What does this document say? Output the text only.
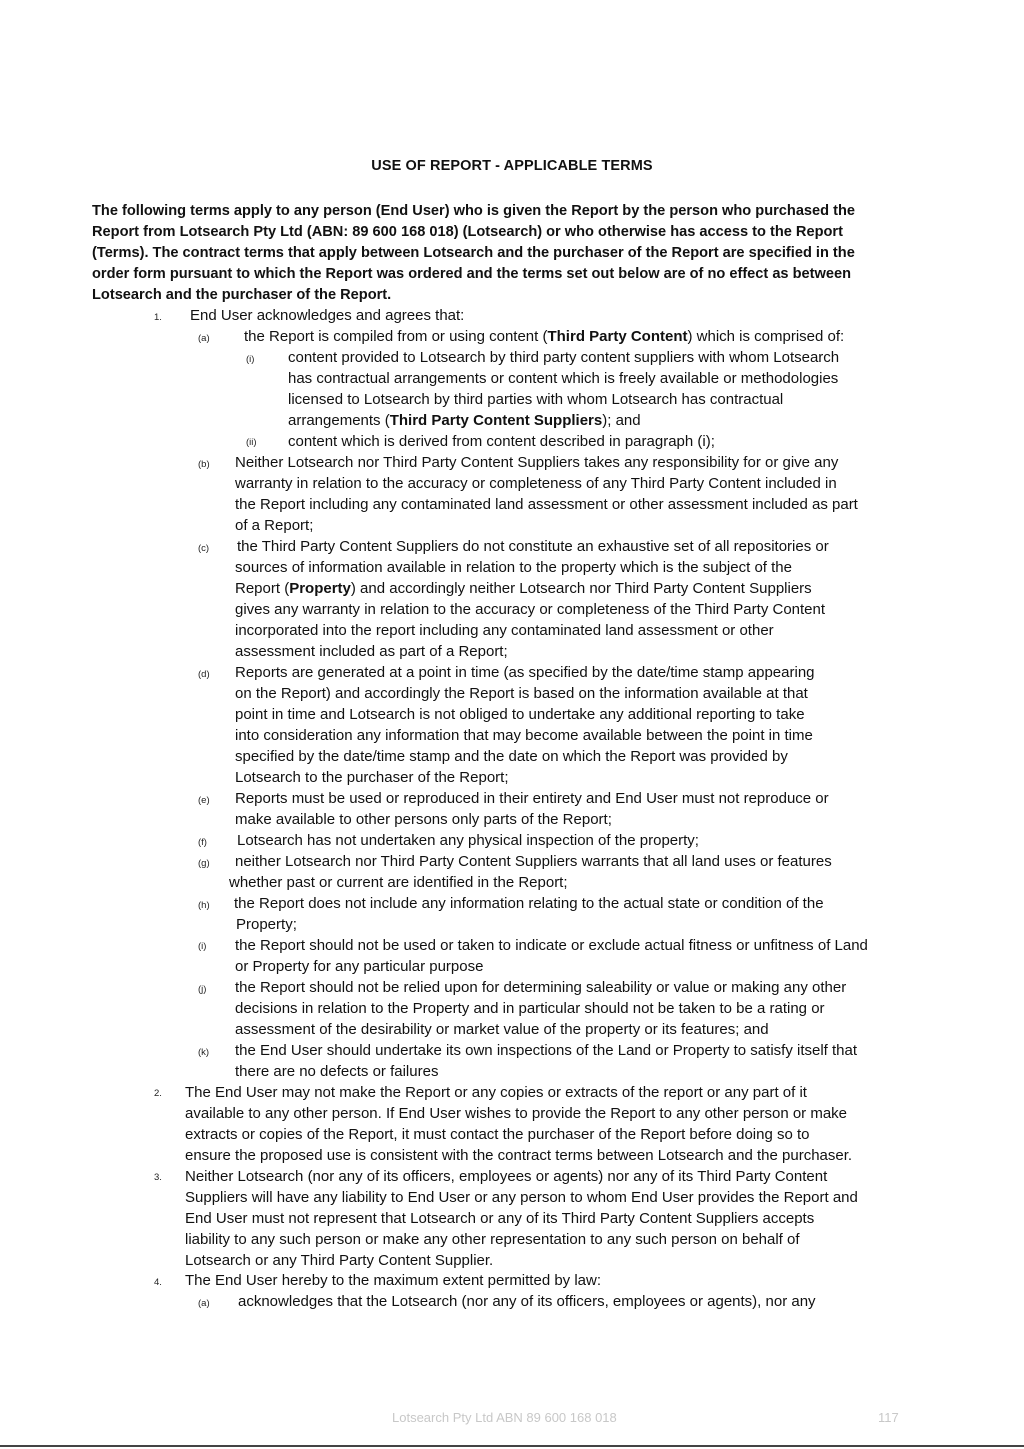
USE OF REPORT - APPLICABLE TERMS
The following terms apply to any person (End User) who is given the Report by the person who purchased the Report from Lotsearch Pty Ltd (ABN: 89 600 168 018) (Lotsearch) or who otherwise has access to the Report (Terms). The contract terms that apply between Lotsearch and the purchaser of the Report are specified in the order form pursuant to which the Report was ordered and the terms set out below are of no effect as between Lotsearch and the purchaser of the Report.
1. End User acknowledges and agrees that:
(a) the Report is compiled from or using content (Third Party Content) which is comprised of:
(i) content provided to Lotsearch by third party content suppliers with whom Lotsearch
has contractual arrangements or content which is freely available or methodologies
licensed to Lotsearch by third parties with whom Lotsearch has contractual
arrangements (Third Party Content Suppliers); and
(ii) content which is derived from content described in paragraph (i);
(b) Neither Lotsearch nor Third Party Content Suppliers takes any responsibility for or give any
warranty in relation to the accuracy or completeness of any Third Party Content included in
the Report including any contaminated land assessment or other assessment included as part
of a Report;
(c) the Third Party Content Suppliers do not constitute an exhaustive set of all repositories or
sources of information available in relation to the property which is the subject of the
Report (Property) and accordingly neither Lotsearch nor Third Party Content Suppliers
gives any warranty in relation to the accuracy or completeness of the Third Party Content
incorporated into the report including any contaminated land assessment or other
assessment included as part of a Report;
(d) Reports are generated at a point in time (as specified by the date/time stamp appearing
on the Report) and accordingly the Report is based on the information available at that
point in time and Lotsearch is not obliged to undertake any additional reporting to take
into consideration any information that may become available between the point in time
specified by the date/time stamp and the date on which the Report was provided by
Lotsearch to the purchaser of the Report;
(e) Reports must be used or reproduced in their entirety and End User must not reproduce or
make available to other persons only parts of the Report;
(f) Lotsearch has not undertaken any physical inspection of the property;
(g) neither Lotsearch nor Third Party Content Suppliers warrants that all land uses or features
whether past or current are identified in the Report;
(h) the Report does not include any information relating to the actual state or condition of the
Property;
(i) the Report should not be used or taken to indicate or exclude actual fitness or unfitness of Land
or Property for any particular purpose
(j) the Report should not be relied upon for determining saleability or value or making any other
decisions in relation to the Property and in particular should not be taken to be a rating or
assessment of the desirability or market value of the property or its features; and
(k) the End User should undertake its own inspections of the Land or Property to satisfy itself that
there are no defects or failures
2. The End User may not make the Report or any copies or extracts of the report or any part of it
available to any other person. If End User wishes to provide the Report to any other person or make
extracts or copies of the Report, it must contact the purchaser of the Report before doing so to
ensure the proposed use is consistent with the contract terms between Lotsearch and the purchaser.
3. Neither Lotsearch (nor any of its officers, employees or agents) nor any of its Third Party Content
Suppliers will have any liability to End User or any person to whom End User provides the Report and
End User must not represent that Lotsearch or any of its Third Party Content Suppliers accepts
liability to any such person or make any other representation to any such person on behalf of
Lotsearch or any Third Party Content Supplier.
4. The End User hereby to the maximum extent permitted by law:
(a) acknowledges that the Lotsearch (nor any of its officers, employees or agents), nor any
Lotsearch Pty Ltd ABN 89 600 168 018	117
